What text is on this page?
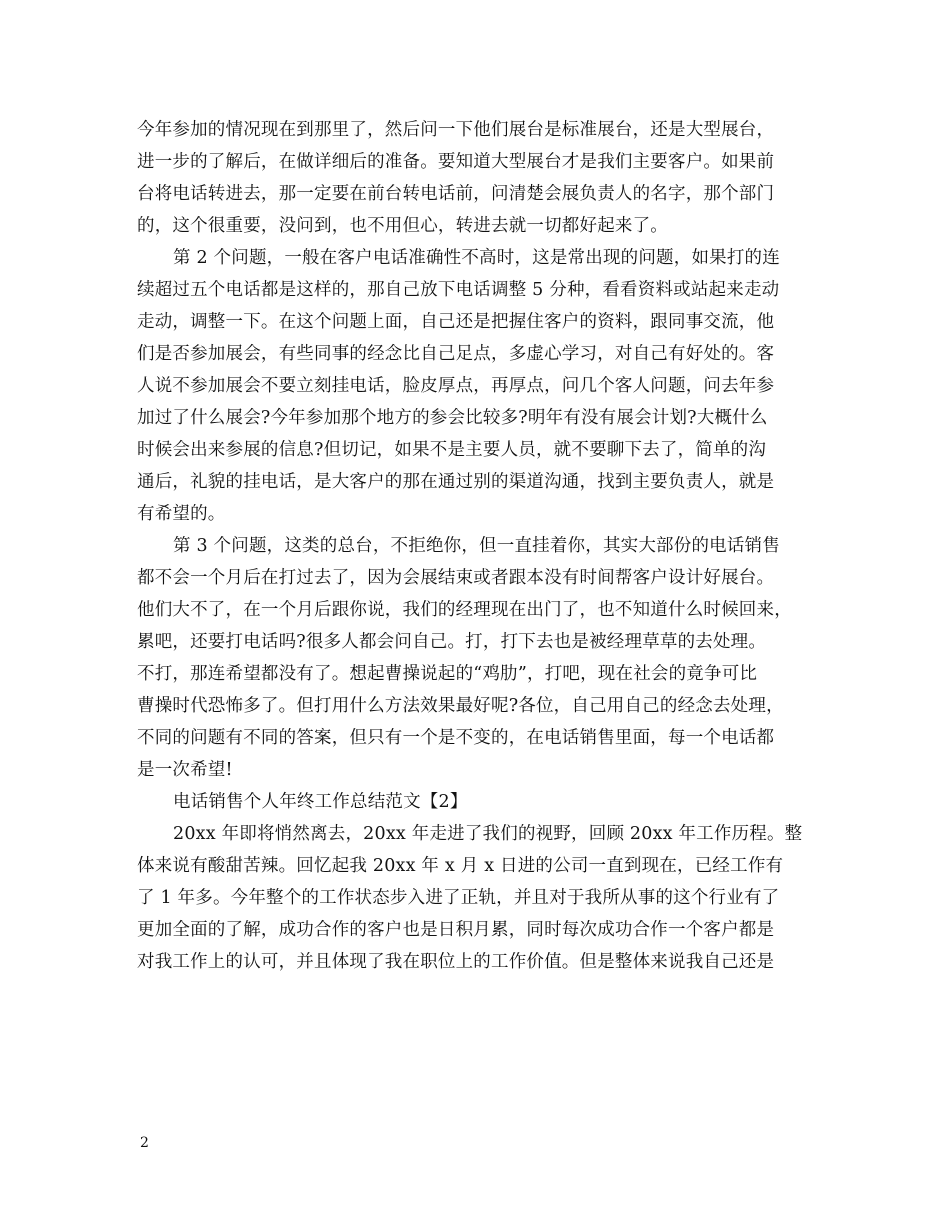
今年参加的情况现在到那里了，然后问一下他们展台是标准展台，还是大型展台，
进一步的了解后，在做详细后的准备。要知道大型展台才是我们主要客户。如果前
台将电话转进去，那一定要在前台转电话前，问清楚会展负责人的名字，那个部门
的，这个很重要，没问到，也不用但心，转进去就一切都好起来了。
第 2 个问题，一般在客户电话准确性不高时，这是常出现的问题，如果打的连
续超过五个电话都是这样的，那自己放下电话调整 5 分种，看看资料或站起来走动
走动，调整一下。在这个问题上面，自己还是把握住客户的资料，跟同事交流，他
们是否参加展会，有些同事的经念比自己足点，多虚心学习，对自己有好处的。客
人说不参加展会不要立刻挂电话，脸皮厚点，再厚点，问几个客人问题，问去年参
加过了什么展会?今年参加那个地方的参会比较多?明年有没有展会计划?大概什么
时候会出来参展的信息?但切记，如果不是主要人员，就不要聊下去了，简单的沟
通后，礼貌的挂电话，是大客户的那在通过别的渠道沟通，找到主要负责人，就是
有希望的。
第 3 个问题，这类的总台，不拒绝你，但一直挂着你，其实大部份的电话销售
都不会一个月后在打过去了，因为会展结束或者跟本没有时间帮客户设计好展台。
他们大不了，在一个月后跟你说，我们的经理现在出门了，也不知道什么时候回来，
累吧，还要打电话吗?很多人都会问自己。打，打下去也是被经理草草的去处理。
不打，那连希望都没有了。想起曹操说起的“鸡肋”，打吧，现在社会的竟争可比
曹操时代恐怖多了。但打用什么方法效果最好呢?各位，自己用自己的经念去处理，
不同的问题有不同的答案，但只有一个是不变的，在电话销售里面，每一个电话都
是一次希望!
电话销售个人年终工作总结范文【2】
20xx 年即将悄然离去，20xx 年走进了我们的视野，回顾 20xx 年工作历程。整
体来说有酸甜苦辣。回忆起我 20xx 年 x 月 x 日进的公司一直到现在，已经工作有
了 1 年多。今年整个的工作状态步入进了正轨，并且对于我所从事的这个行业有了
更加全面的了解，成功合作的客户也是日积月累，同时每次成功合作一个客户都是
对我工作上的认可，并且体现了我在职位上的工作价值。但是整体来说我自己还是
2
